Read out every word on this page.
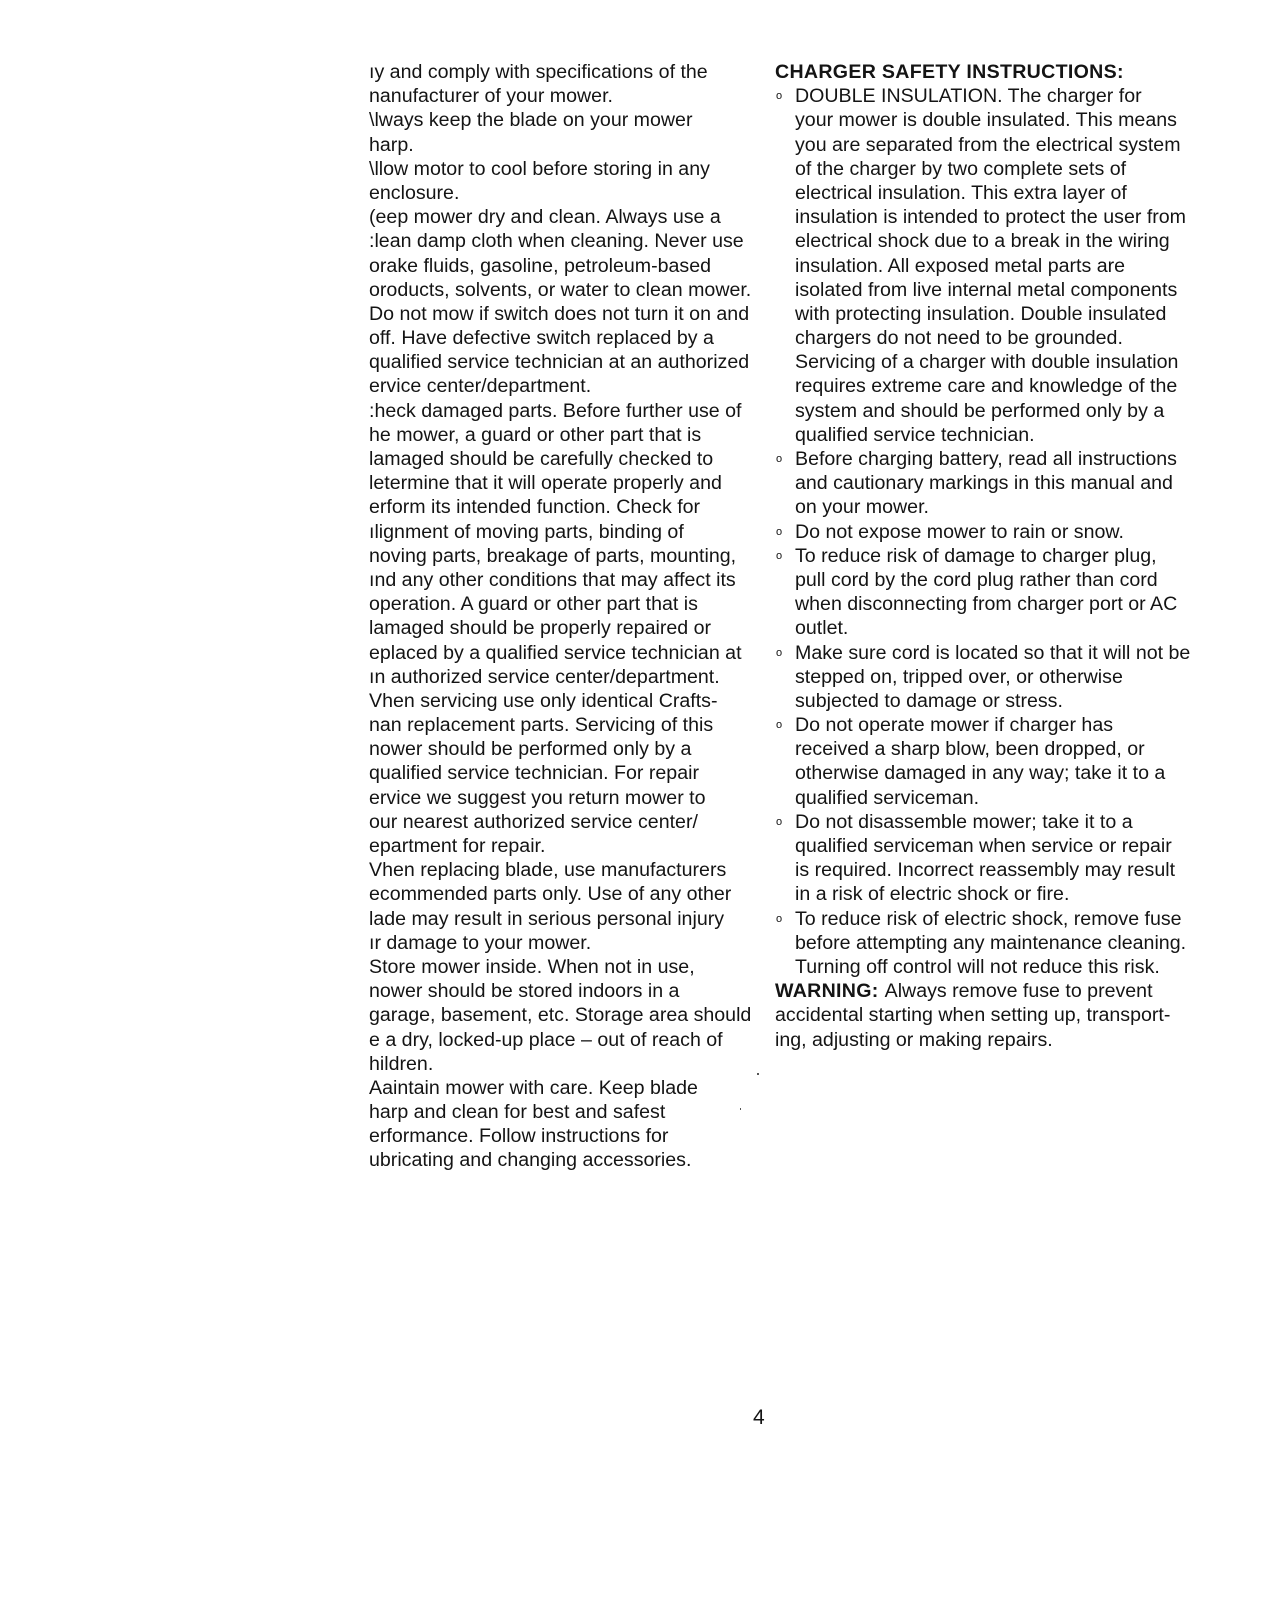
ıy and comply with specifications of the
nanufacturer of your mower.
\lways keep the blade on your mower
harp.
\llow motor to cool before storing in any
enclosure.
(eep mower dry and clean. Always use a
:lean damp cloth when cleaning. Never use
orake fluids, gasoline, petroleum-based
oroducts, solvents, or water to clean mower.
Do not mow if switch does not turn it on and
off. Have defective switch replaced by a
qualified service technician at an authorized
ervice center/department.
:heck damaged parts. Before further use of
he mower, a guard or other part that is
lamaged should be carefully checked to
letermine that it will operate properly and
erform its intended function. Check for
ılignment of moving parts, binding of
noving parts, breakage of parts, mounting,
ınd any other conditions that may affect its
operation. A guard or other part that is
lamaged should be properly repaired or
eplaced by a qualified service technician at
ın authorized service center/department.
Vhen servicing use only identical Crafts-
nan replacement parts. Servicing of this
nower should be performed only by a
qualified service technician. For repair
ervice we suggest you return mower to
our nearest authorized service center/
epartment for repair.
Vhen replacing blade, use manufacturers
ecommended parts only. Use of any other
lade may result in serious personal injury
ır damage to your mower.
Store mower inside. When not in use,
nower should be stored indoors in a
garage, basement, etc. Storage area should
e a dry, locked-up place – out of reach of
hildren.
Aaintain mower with care. Keep blade
harp and clean for best and safest
erformance. Follow instructions for
ubricating and changing accessories.
CHARGER SAFETY INSTRUCTIONS:
o DOUBLE INSULATION. The charger for
your mower is double insulated. This means
you are separated from the electrical system
of the charger by two complete sets of
electrical insulation. This extra layer of
insulation is intended to protect the user from
electrical shock due to a break in the wiring
insulation. All exposed metal parts are
isolated from live internal metal components
with protecting insulation. Double insulated
chargers do not need to be grounded.
Servicing of a charger with double insulation
requires extreme care and knowledge of the
system and should be performed only by a
qualified service technician.
o Before charging battery, read all instructions
and cautionary markings in this manual and
on your mower.
o Do not expose mower to rain or snow.
o To reduce risk of damage to charger plug,
pull cord by the cord plug rather than cord
when disconnecting from charger port or AC
outlet.
o Make sure cord is located so that it will not be
stepped on, tripped over, or otherwise
subjected to damage or stress.
o Do not operate mower if charger has
received a sharp blow, been dropped, or
otherwise damaged in any way; take it to a
qualified serviceman.
o Do not disassemble mower; take it to a
qualified serviceman when service or repair
is required. Incorrect reassembly may result
in a risk of electric shock or fire.
o To reduce risk of electric shock, remove fuse
before attempting any maintenance cleaning.
Turning off control will not reduce this risk.
WARNING: Always remove fuse to prevent
accidental starting when setting up, transport-
ing, adjusting or making repairs.
4
